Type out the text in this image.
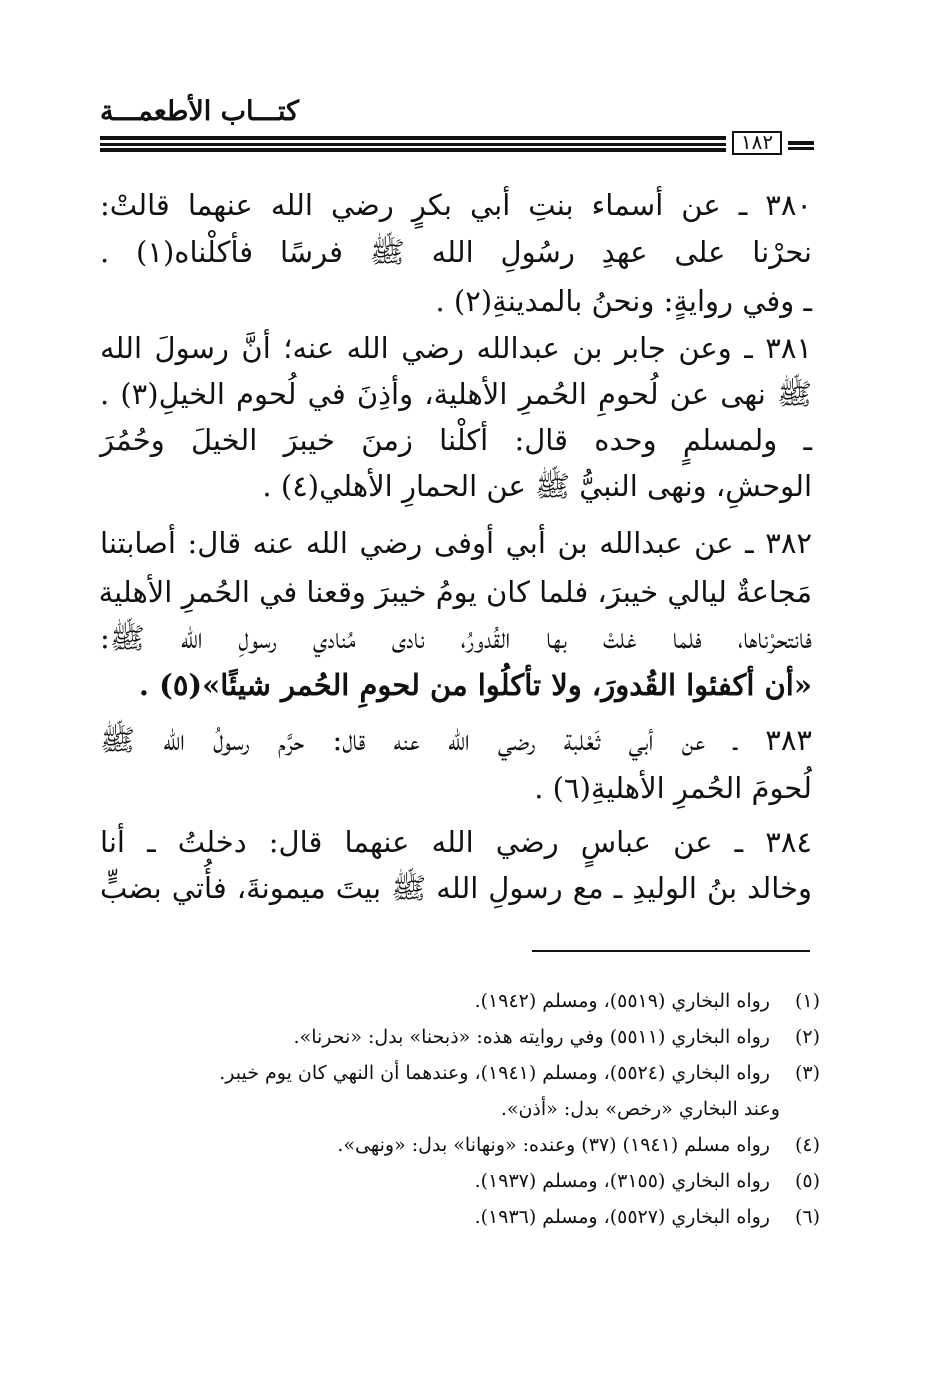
كتـــاب الأطعمـــة
١٨٢
٣٨٠ ـ عن أسماء بنتِ أبي بكرٍ رضي الله عنهما قالتْ:
نحرْنا على عهدِ رسُولِ الله ﷺ فرسًا فأكلْناه(١) .
ـ وفي روايةٍ: ونحنُ بالمدينةِ(٢) .
٣٨١ ـ وعن جابر بن عبدالله رضي الله عنه؛ أنَّ رسولَ الله
ﷺ نهى عن لُحومِ الحُمرِ الأهلية، وأذِنَ في لُحوم الخيلِ(٣) .
ـ ولمسلمٍ وحده قال: أكلْنا زمنَ خيبرَ الخيلَ وحُمُرَ
الوحشِ، ونهى النبيُّ ﷺ عن الحمارِ الأهلي(٤) .
٣٨٢ ـ عن عبدالله بن أبي أوفى رضي الله عنه قال: أصابتنا
مَجاعةٌ ليالي خيبرَ، فلما كان يومُ خيبرَ وقعنا في الحُمرِ الأهلية
فانتحرْناها، فلما غلتْ بها القُدورُ، نادى مُنادي رسولِ الله ﷺ:
«أن أكفئوا القُدورَ، ولا تأكلُوا من لحومِ الحُمر شيئًا»(٥) .
٣٨٣ ـ عن أبي ثَعْلبة رضي الله عنه قال: حرَّم رسولُ الله ﷺ
لُحومَ الحُمرِ الأهليةِ(٦) .
٣٨٤ ـ عن عباسٍ رضي الله عنهما قال: دخلتُ ـ أنا
وخالد بنُ الوليدِ ـ مع رسولِ الله ﷺ بيتَ ميمونةَ، فأُتي بضبٍّ
(١) رواه البخاري (٥٥١٩)، ومسلم (١٩٤٢).
(٢) رواه البخاري (٥٥١١) وفي روايته هذه: «ذبحنا» بدل: «نحرنا».
(٣) رواه البخاري (٥٥٢٤)، ومسلم (١٩٤١)، وعندهما أن النهي كان يوم خيبر.
وعند البخاري «رخص» بدل: «أذن».
(٤) رواه مسلم (١٩٤١) (٣٧) وعنده: «ونهانا» بدل: «ونهى».
(٥) رواه البخاري (٣١٥٥)، ومسلم (١٩٣٧).
(٦) رواه البخاري (٥٥٢٧)، ومسلم (١٩٣٦).
